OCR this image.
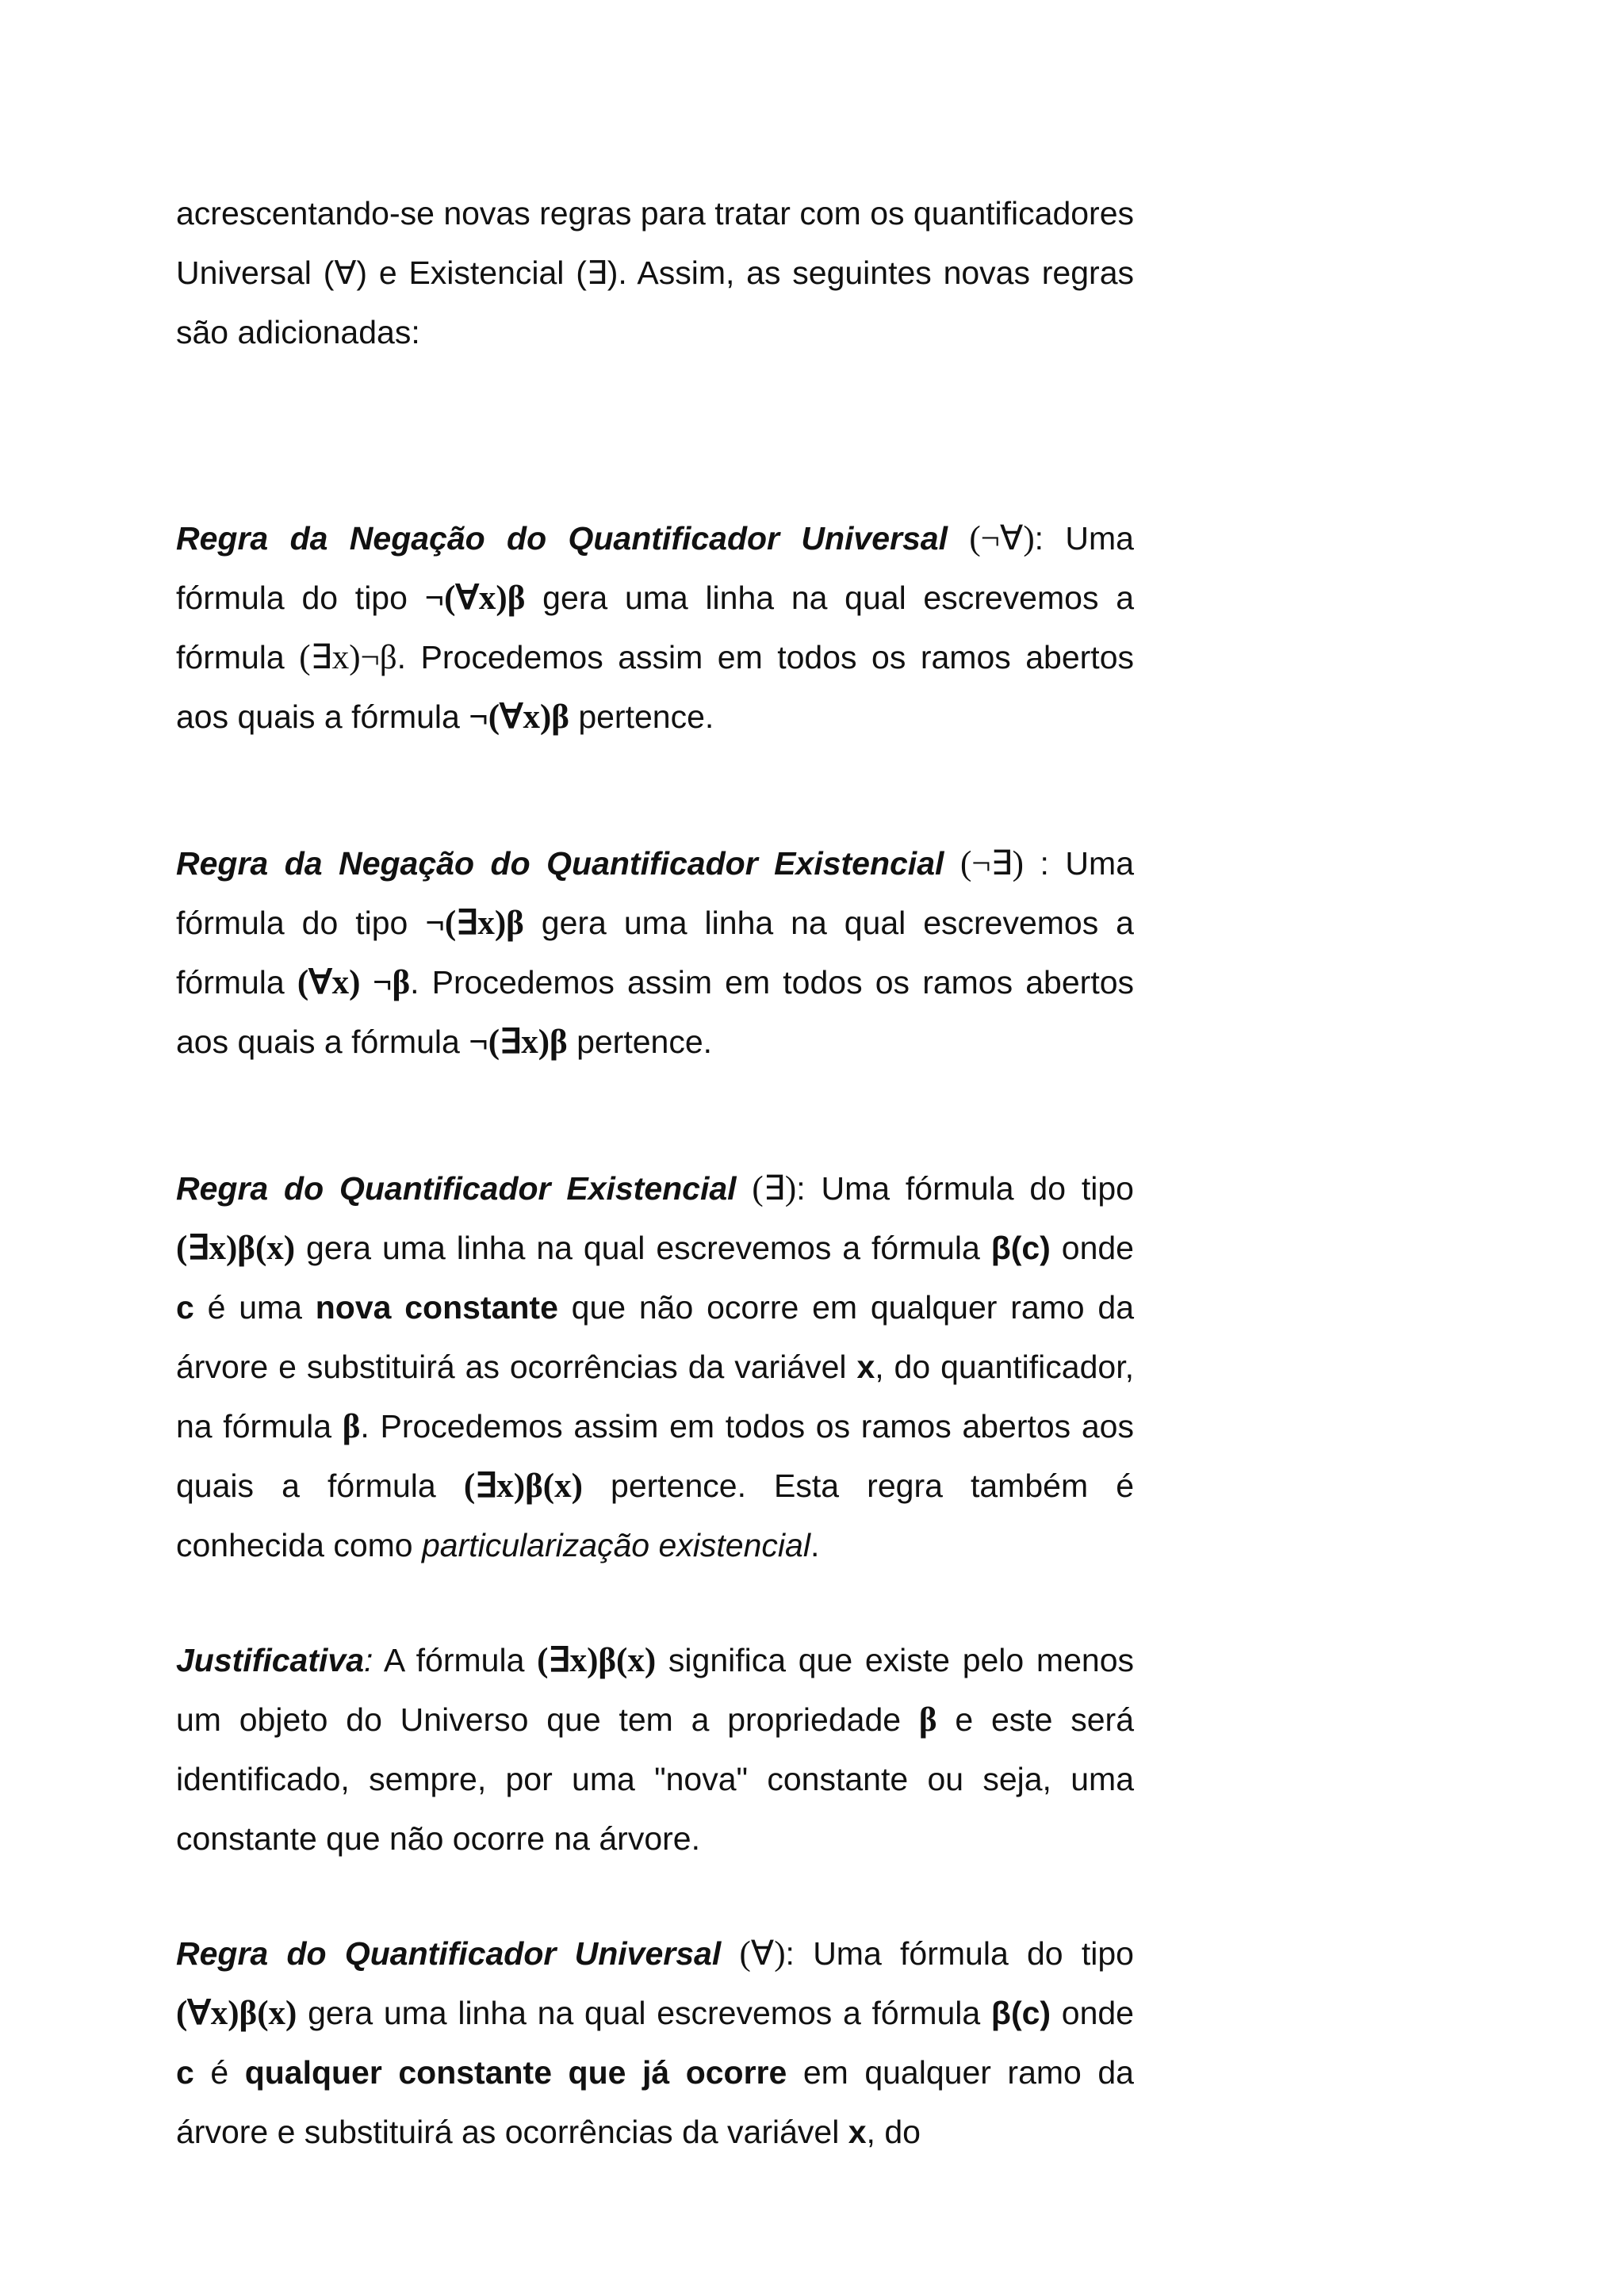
acrescentando-se novas regras para tratar com os quantificadores Universal (∀) e Existencial (∃). Assim, as seguintes novas regras são adicionadas:

Regra da Negação do Quantificador Universal (¬∀): Uma fórmula do tipo ¬(∀x)β gera uma linha na qual escrevemos a fórmula (∃x)¬β. Procedemos assim em todos os ramos abertos aos quais a fórmula ¬(∀x)β pertence.

Regra da Negação do Quantificador Existencial (¬∃) : Uma fórmula do tipo ¬(∃x)β gera uma linha na qual escrevemos a fórmula (∀x) ¬β. Procedemos assim em todos os ramos abertos aos quais a fórmula ¬(∃x)β pertence.

Regra do Quantificador Existencial (∃): Uma fórmula do tipo (∃x)β(x) gera uma linha na qual escrevemos a fórmula β(c) onde c é uma nova constante que não ocorre em qualquer ramo da árvore e substituirá as ocorrências da variável x, do quantificador, na fórmula β. Procedemos assim em todos os ramos abertos aos quais a fórmula (∃x)β(x) pertence. Esta regra também é conhecida como particularização existencial.

Justificativa: A fórmula (∃x)β(x) significa que existe pelo menos um objeto do Universo que tem a propriedade β e este será identificado, sempre, por uma "nova" constante ou seja, uma constante que não ocorre na árvore.

Regra do Quantificador Universal (∀): Uma fórmula do tipo (∀x)β(x) gera uma linha na qual escrevemos a fórmula β(c) onde c é qualquer constante que já ocorre em qualquer ramo da árvore e substituirá as ocorrências da variável x, do
